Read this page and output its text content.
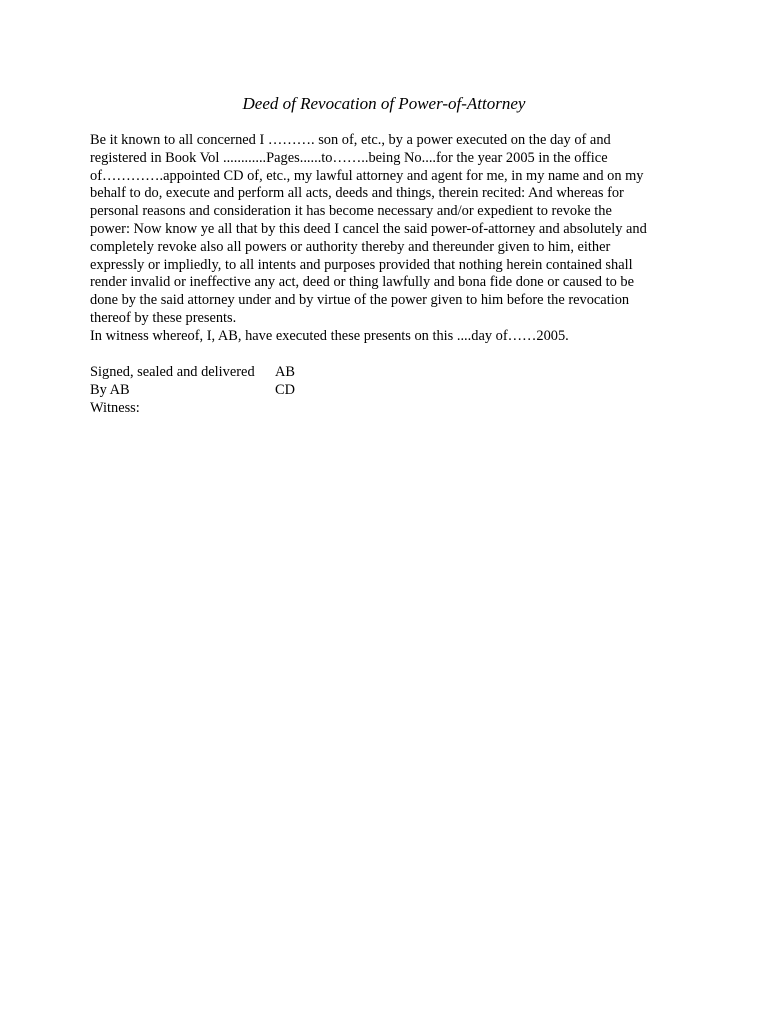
Deed of Revocation of Power-of-Attorney
Be it known to all concerned I ………. son of, etc., by a power executed on the day of and
registered in Book Vol ............Pages......to……..being No....for the year 2005 in the office
of………….appointed CD of, etc., my lawful attorney and agent for me, in my name and on my
behalf to do, execute and perform all acts, deeds and things, therein recited: And whereas for
personal reasons and consideration it has become necessary and/or expedient to revoke the
power: Now know ye all that by this deed I cancel the said power-of-attorney and absolutely and
completely revoke also all powers or authority thereby and thereunder given to him, either
expressly or impliedly, to all intents and purposes provided that nothing herein contained shall
render invalid or ineffective any act, deed or thing lawfully and bona fide done or caused to be
done by the said attorney under and by virtue of the power given to him before the revocation
thereof by these presents.
In witness whereof, I, AB, have executed these presents on this ....day of……2005.
Signed, sealed and delivered	AB
By AB	CD
Witness:
